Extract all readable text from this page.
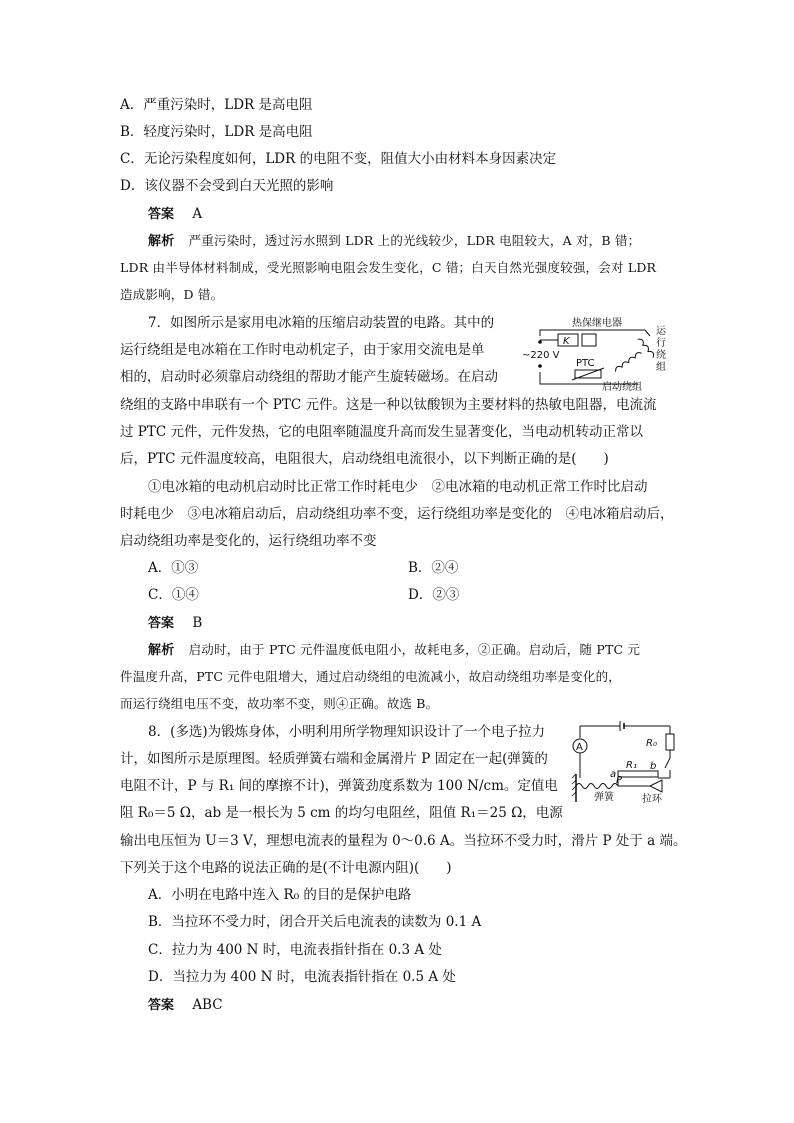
A．严重污染时，LDR 是高电阻
B．轻度污染时，LDR 是高电阻
C．无论污染程度如何，LDR 的电阻不变，阻值大小由材料本身因素决定
D．该仪器不会受到白天光照的影响
答案 A
解析 严重污染时，透过污水照到 LDR 上的光线较少，LDR 电阻较大，A 对，B 错；
LDR 由半导体材料制成，受光照影响电阻会发生变化，C 错；白天自然光强度较强，会对 LDR
造成影响，D 错。
7．如图所示是家用电冰箱的压缩启动装置的电路。其中的
运行绕组是电冰箱在工作时电动机定子，由于家用交流电是单
相的，启动时必须靠启动绕组的帮助才能产生旋转磁场。在启动
绕组的支路中串联有一个 PTC 元件。这是一种以钛酸钡为主要材料的热敏电阻器，电流流
过 PTC 元件，元件发热，它的电阻率随温度升高而发生显著变化，当电动机转动正常以
后，PTC 元件温度较高，电阻很大，启动绕组电流很小，以下判断正确的是(　　)
①电冰箱的电动机启动时比正常工作时耗电少　②电冰箱的电动机正常工作时比启动
时耗电少　③电冰箱启动后，启动绕组功率不变，运行绕组功率是变化的　④电冰箱启动后，
启动绕组功率是变化的，运行绕组功率不变
A．①③	B．②④
C．①④	D．②③
答案 B
解析 启动时，由于 PTC 元件温度低电阻小，故耗电多，②正确。启动后，随 PTC 元
件温度升高，PTC 元件电阻增大，通过启动绕组的电流减小，故启动绕组功率是变化的，
而运行绕组电压不变，故功率不变，则④正确。故选 B。
热保继电器
运
行
绕
组
~220 V
K
PTC
启动绕组
8．(多选)为锻炼身体，小明利用所学物理知识设计了一个电子拉力
计，如图所示是原理图。轻质弹簧右端和金属滑片 P 固定在一起(弹簧的
电阻不计，P 与 R₁ 间的摩擦不计)，弹簧劲度系数为 100 N/cm。定值电
阻 R₀＝5 Ω，ab 是一根长为 5 cm 的均匀电阻丝，阻值 R₁＝25 Ω，电源
输出电压恒为 U＝3 V，理想电流表的量程为 0～0.6 A。当拉环不受力时，滑片 P 处于 a 端。
下列关于这个电路的说法正确的是(不计电源内阻)(　　)
A．小明在电路中连入 R₀ 的目的是保护电路
B．当拉环不受力时，闭合开关后电流表的读数为 0.1 A
C．拉力为 400 N 时，电流表指针指在 0.3 A 处
D．当拉力为 400 N 时，电流表指针指在 0.5 A 处
答案 ABC
A	R₀
R₁
a
b
P
弹簧	拉环
